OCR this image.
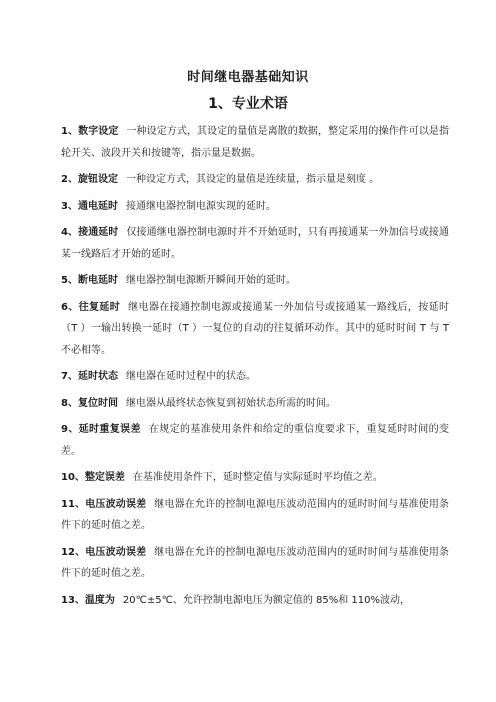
时间继电器基础知识
1、专业术语

1、数字设定 一种设定方式，其设定的量值是离散的数据，整定采用的操作件可以是指轮开关、波段开关和按键等，指示量是数据。

2、旋钮设定 一种设定方式，其设定的量值是连续量，指示量是刻度 。

3、通电延时 接通继电器控制电源实现的延时。

4、接通延时 仅接通继电器控制电源时并不开始延时，只有再接通某一外加信号或接通某一线路后才开始的延时。

5、断电延时 继电器控制电源断开瞬间开始的延时。

6、往复延时 继电器在接通控制电源或接通某一外加信号或接通某一路线后，按延时（T ）一输出转换一延时（T ）一复位的自动的往复循环动作。其中的延时时间 T 与 T 不必相等。

7、延时状态 继电器在延时过程中的状态。

8、复位时间 继电器从最终状态恢复到初始状态所需的时间。

9、延时重复误差 在规定的基准使用条件和给定的重信度要求下，重复延时时间的变差。

10、整定误差 在基准使用条件下，延时整定值与实际延时平均值之差。

11、电压波动误差 继电器在允许的控制电源电压波动范围内的延时时间与基准使用条件下的延时值之差。

12、电压波动误差 继电器在允许的控制电源电压波动范围内的延时时间与基准使用条件下的延时值之差。

13、温度为 20℃±5℃、允许控制电源电压为额定值的 85%和 110%波动，
